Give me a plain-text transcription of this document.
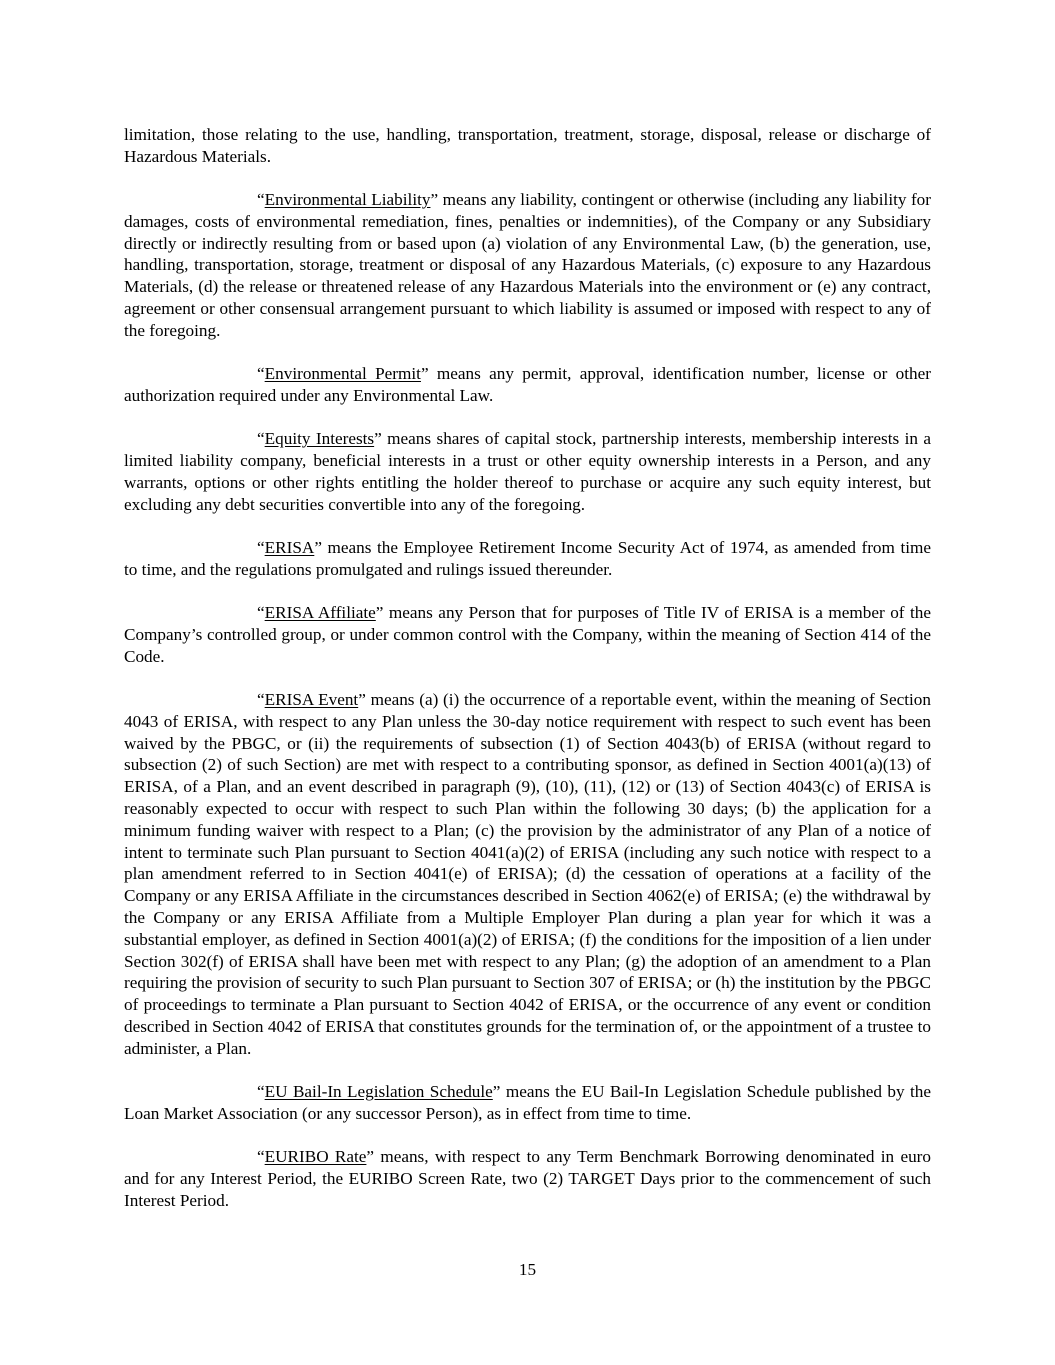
limitation, those relating to the use, handling, transportation, treatment, storage, disposal, release or discharge of Hazardous Materials.

“Environmental Liability” means any liability, contingent or otherwise (including any liability for damages, costs of environmental remediation, fines, penalties or indemnities), of the Company or any Subsidiary directly or indirectly resulting from or based upon (a) violation of any Environmental Law, (b) the generation, use, handling, transportation, storage, treatment or disposal of any Hazardous Materials, (c) exposure to any Hazardous Materials, (d) the release or threatened release of any Hazardous Materials into the environment or (e) any contract, agreement or other consensual arrangement pursuant to which liability is assumed or imposed with respect to any of the foregoing.

“Environmental Permit” means any permit, approval, identification number, license or other authorization required under any Environmental Law.

“Equity Interests” means shares of capital stock, partnership interests, membership interests in a limited liability company, beneficial interests in a trust or other equity ownership interests in a Person, and any warrants, options or other rights entitling the holder thereof to purchase or acquire any such equity interest, but excluding any debt securities convertible into any of the foregoing.

“ERISA” means the Employee Retirement Income Security Act of 1974, as amended from time to time, and the regulations promulgated and rulings issued thereunder.

“ERISA Affiliate” means any Person that for purposes of Title IV of ERISA is a member of the Company’s controlled group, or under common control with the Company, within the meaning of Section 414 of the Code.

“ERISA Event” means (a) (i) the occurrence of a reportable event, within the meaning of Section 4043 of ERISA, with respect to any Plan unless the 30-day notice requirement with respect to such event has been waived by the PBGC, or (ii) the requirements of subsection (1) of Section 4043(b) of ERISA (without regard to subsection (2) of such Section) are met with respect to a contributing sponsor, as defined in Section 4001(a)(13) of ERISA, of a Plan, and an event described in paragraph (9), (10), (11), (12) or (13) of Section 4043(c) of ERISA is reasonably expected to occur with respect to such Plan within the following 30 days; (b) the application for a minimum funding waiver with respect to a Plan; (c) the provision by the administrator of any Plan of a notice of intent to terminate such Plan pursuant to Section 4041(a)(2) of ERISA (including any such notice with respect to a plan amendment referred to in Section 4041(e) of ERISA); (d) the cessation of operations at a facility of the Company or any ERISA Affiliate in the circumstances described in Section 4062(e) of ERISA; (e) the withdrawal by the Company or any ERISA Affiliate from a Multiple Employer Plan during a plan year for which it was a substantial employer, as defined in Section 4001(a)(2) of ERISA; (f) the conditions for the imposition of a lien under Section 302(f) of ERISA shall have been met with respect to any Plan; (g) the adoption of an amendment to a Plan requiring the provision of security to such Plan pursuant to Section 307 of ERISA; or (h) the institution by the PBGC of proceedings to terminate a Plan pursuant to Section 4042 of ERISA, or the occurrence of any event or condition described in Section 4042 of ERISA that constitutes grounds for the termination of, or the appointment of a trustee to administer, a Plan.

“EU Bail-In Legislation Schedule” means the EU Bail-In Legislation Schedule published by the Loan Market Association (or any successor Person), as in effect from time to time.

“EURIBO Rate” means, with respect to any Term Benchmark Borrowing denominated in euro and for any Interest Period, the EURIBO Screen Rate, two (2) TARGET Days prior to the commencement of such Interest Period.

15
